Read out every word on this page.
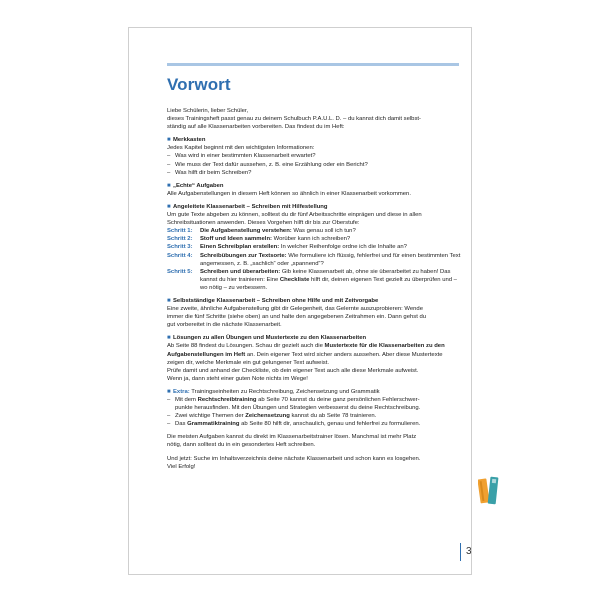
Vorwort

Liebe Schülerin, lieber Schüler,

dieses Trainingsheft passt genau zu deinem Schulbuch P.A.U.L. D. – du kannst dich damit selbst-

ständig auf alle Klassenarbeiten vorbereiten. Das findest du im Heft:

■ Merkkasten

Jedes Kapitel beginnt mit den wichtigsten Informationen:

– Was wird in einer bestimmten Klassenarbeit erwartet?
– Wie muss der Text dafür aussehen, z. B. eine Erzählung oder ein Bericht?
– Was hilft dir beim Schreiben?
■ „Echte“ Aufgaben

Alle Aufgabenstellungen in diesem Heft können so ähnlich in einer Klassenarbeit vorkommen.

■ Angeleitete Klassenarbeit – Schreiben mit Hilfestellung

Um gute Texte abgeben zu können, solltest du dir fünf Arbeitsschritte einprägen und diese in allen

Schreibsituationen anwenden. Dieses Vorgehen hilft dir bis zur Oberstufe:

Schritt 1:	Die Aufgabenstellung verstehen: Was genau soll ich tun?
Schritt 2:	Stoff und Ideen sammeln: Worüber kann ich schreiben?
Schritt 3:	Einen Schreibplan erstellen: In welcher Reihenfolge ordne ich die Inhalte an?
Schritt 4:	Schreibübungen zur Textsorte: Wie formuliere ich flüssig, fehlerfrei und für einen bestimmten Text angemessen, z. B. „sachlich“ oder „spannend“?
Schritt 5:	Schreiben und überarbeiten: Gib keine Klassenarbeit ab, ohne sie überarbeitet zu haben! Das kannst du hier trainieren: Eine Checkliste hilft dir, deinen eigenen Text gezielt zu überprüfen und – wo nötig – zu verbessern.
■ Selbstständige Klassenarbeit – Schreiben ohne Hilfe und mit Zeitvorgabe

Eine zweite, ähnliche Aufgabenstellung gibt dir Gelegenheit, das Gelernte auszuprobieren: Wende

immer die fünf Schritte (siehe oben) an und halte den angegebenen Zeitrahmen ein. Dann gehst du

gut vorbereitet in die nächste Klassenarbeit.

■ Lösungen zu allen Übungen und Mustertexte zu den Klassenarbeiten

Ab Seite 88 findest du Lösungen. Schau dir gezielt auch die Mustertexte für die Klassenarbeiten zu den Aufgabenstellungen im Heft an. Dein eigener Text wird sicher anders aussehen. Aber diese Mustertexte zeigen dir, welche Merkmale ein gut gelungener Text aufweist.

Prüfe damit und anhand der Checkliste, ob dein eigener Text auch alle diese Merkmale aufweist.

Wenn ja, dann steht einer guten Note nichts im Wege!

■ Extra: Trainingseinheiten zu Rechtschreibung, Zeichensetzung und Grammatik
– Mit dem Rechtschreibtraining ab Seite 70 kannst du deine ganz persönlichen Fehlerschwer-
punkte herausfinden. Mit den Übungen und Strategien verbesserst du deine Rechtschreibung.
– Zwei wichtige Themen der Zeichensetzung kannst du ab Seite 78 trainieren.
– Das Grammatiktraining ab Seite 80 hilft dir, anschaulich, genau und fehlerfrei zu formulieren.

Die meisten Aufgaben kannst du direkt im Klassenarbeitstrainer lösen. Manchmal ist mehr Platz

nötig, dann solltest du in ein gesondertes Heft schreiben.

Und jetzt: Suche im Inhaltsverzeichnis deine nächste Klassenarbeit und schon kann es losgehen.

Viel Erfolg!

3
